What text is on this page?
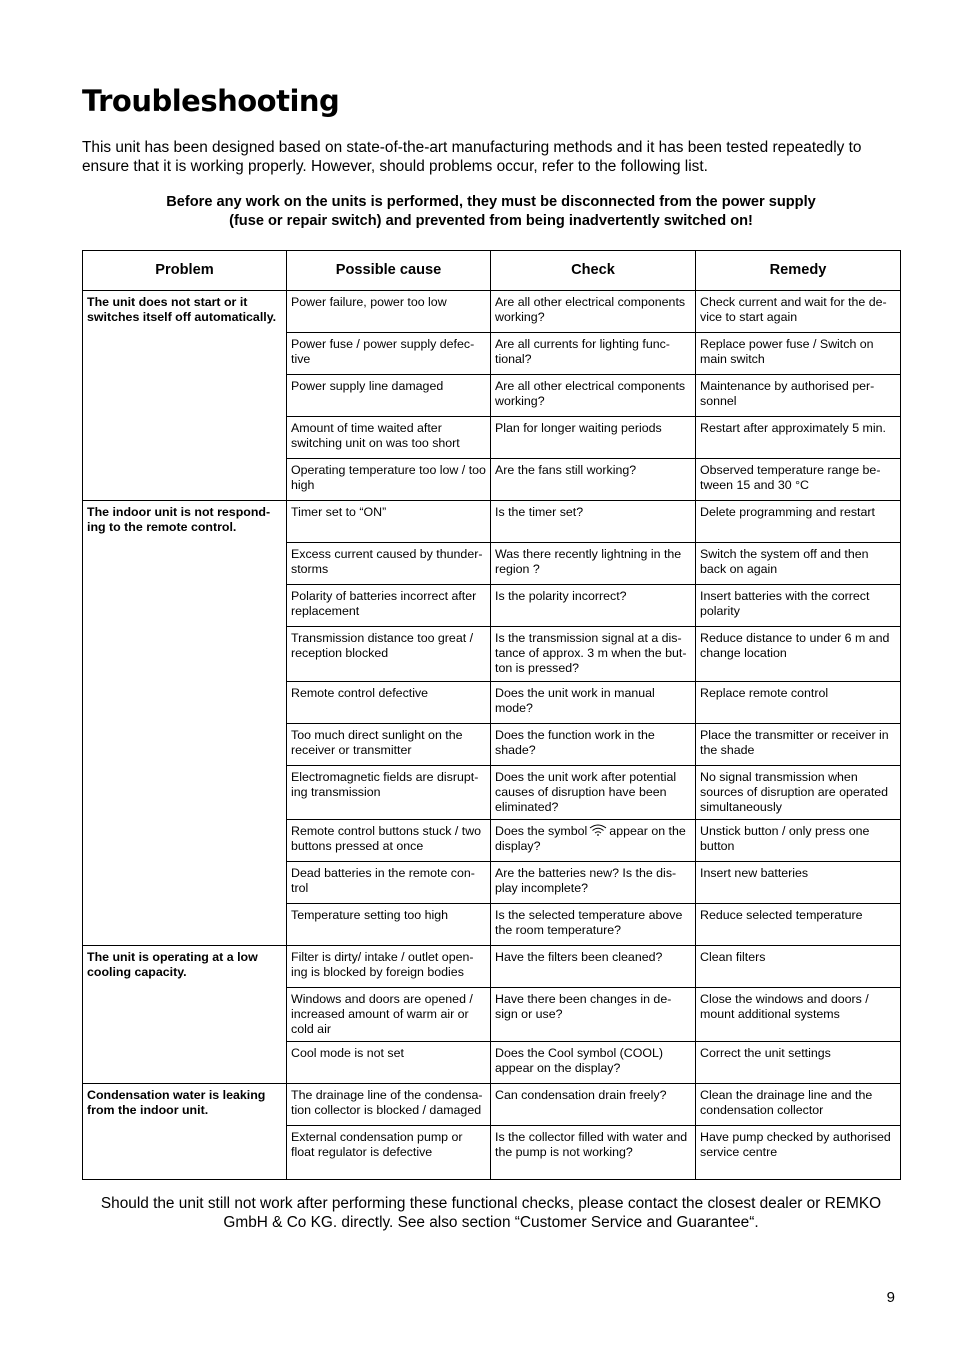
Troubleshooting
This unit has been designed based on state-of-the-art manufacturing methods and it has been tested repeatedly to ensure that it is working properly. However, should problems occur, refer to the following list.
Before any work on the units is performed, they must be disconnected from the power supply
(fuse or repair switch) and prevented from being inadvertently switched on!
Problem	Possible cause	Check	Remedy
The unit does not start or it switches itself off automatically.	Power failure, power too low	Are all other electrical components working?	Check current and wait for the de-vice to start again
	Power fuse / power supply defec-tive	Are all currents for lighting func-tional?	Replace power fuse / Switch on main switch
	Power supply line damaged	Are all other electrical components working?	Maintenance by authorised per-sonnel
	Amount of time waited after switching unit on was too short	Plan for longer waiting periods	Restart after approximately 5 min.
	Operating temperature too low / too high	Are the fans still working?	Observed temperature range be-tween 15 and 30 °C
The indoor unit is not respond-ing to the remote control.	Timer set to “ON”	Is the timer set?	Delete programming and restart
	Excess current caused by thunder-storms	Was there recently lightning in the region ?	Switch the system off and then back on again
	Polarity of batteries incorrect after replacement	Is the polarity incorrect?	Insert batteries with the correct polarity
	Transmission distance too great / reception blocked	Is the transmission signal at a dis-tance of approx. 3 m when the but-ton is pressed?	Reduce distance to under 6 m and change location
	Remote control defective	Does the unit work in manual mode?	Replace remote control
	Too much direct sunlight on the receiver or transmitter	Does the function work in the shade?	Place the transmitter or receiver in the shade
	Electromagnetic fields are disrupt-ing transmission	Does the unit work after potential causes of disruption have been eliminated?	No signal transmission when sources of disruption are operated simultaneously
	Remote control buttons stuck / two buttons pressed at once	Does the symbol appear on the display?	Unstick button / only press one button
	Dead batteries in the remote con-trol	Are the batteries new? Is the dis-play incomplete?	Insert new batteries
	Temperature setting too high	Is the selected temperature above the room temperature?	Reduce selected temperature
The unit is operating at a low cooling capacity.	Filter is dirty/ intake / outlet open-ing is blocked by foreign bodies	Have the filters been cleaned?	Clean filters
	Windows and doors are opened / increased amount of warm air or cold air	Have there been changes in de-sign or use?	Close the windows and doors / mount additional systems
	Cool mode is not set	Does the Cool symbol (COOL) appear on the display?	Correct the unit settings
Condensation water is leaking from the indoor unit.	The drainage line of the condensa-tion collector is blocked / damaged	Can condensation drain freely?	Clean the drainage line and the condensation collector
	External condensation pump or float regulator is defective	Is the collector filled with water and the pump is not working?	Have pump checked by authorised service centre
Should the unit still not work after performing these functional checks, please contact the closest dealer or REMKO GmbH & Co KG. directly. See also section “Customer Service and Guarantee“.
9
